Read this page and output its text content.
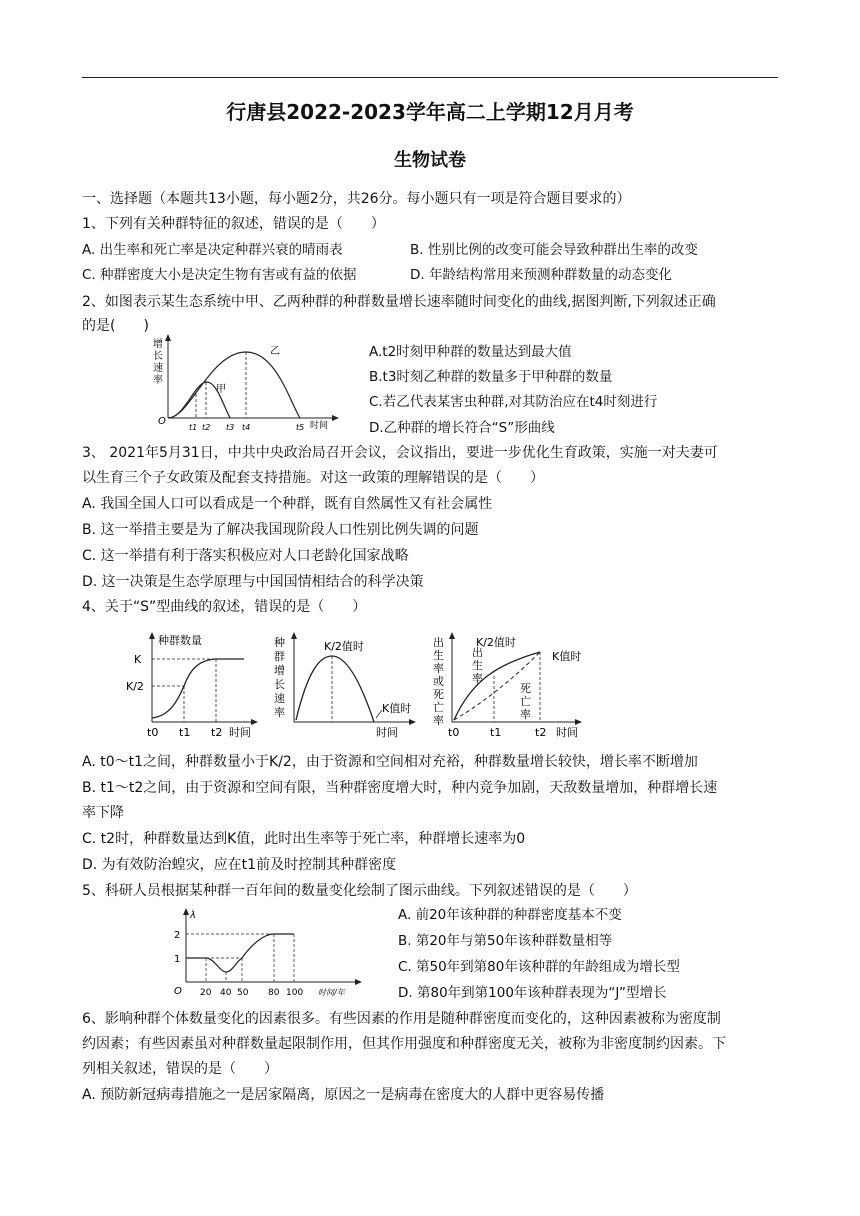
行唐县2022-2023学年高二上学期12月月考
生物试卷
一、选择题（本题共13小题，每小题2分，共26分。每小题只有一项是符合题目要求的）
1、下列有关种群特征的叙述，错误的是（　　）
A. 出生率和死亡率是决定种群兴衰的晴雨表	B. 性别比例的改变可能会导致种群出生率的改变
C. 种群密度大小是决定生物有害或有益的依据	D. 年龄结构常用来预测种群数量的动态变化
2、如图表示某生态系统中甲、乙两种群的种群数量增长速率随时间变化的曲线,据图判断,下列叙述正确
的是(　　)
增
长
速
率
O
甲
乙
t1 t2 t3 t4	t5 时间
A.t2时刻甲种群的数量达到最大值
B.t3时刻乙种群的数量多于甲种群的数量
C.若乙代表某害虫种群,对其防治应在t4时刻进行
D.乙种群的增长符合“S”形曲线
3、 2021年5月31日，中共中央政治局召开会议，会议指出，要进一步优化生育政策，实施一对夫妻可
以生育三个子女政策及配套支持措施。对这一政策的理解错误的是（　　）
A. 我国全国人口可以看成是一个种群，既有自然属性又有社会属性
B. 这一举措主要是为了解决我国现阶段人口性别比例失调的问题
C. 这一举措有利于落实积极应对人口老龄化国家战略
D. 这一决策是生态学原理与中国国情相结合的科学决策
4、关于“S”型曲线的叙述，错误的是（　　）
种群数量
K
K/2
t0 t1 t2 时间
种
群
增
长
速
率
K/2值时
K值时
时间
出
生
率
或
死
亡
率
K/2值时
K值时
出
生
率
死
亡
率
t0	t1	t2 时间
A. t0～t1之间，种群数量小于K/2，由于资源和空间相对充裕，种群数量增长较快，增长率不断增加
B. t1～t2之间，由于资源和空间有限，当种群密度增大时，种内竞争加剧，天敌数量增加，种群增长速
率下降
C. t2时，种群数量达到K值，此时出生率等于死亡率，种群增长速率为0
D. 为有效防治蝗灾，应在t1前及时控制其种群密度
5、科研人员根据某种群一百年间的数量变化绘制了图示曲线。下列叙述错误的是（　　）
λ
2
1
O 20 40 50 80 100 时间/年
A. 前20年该种群的种群密度基本不变
B. 第20年与第50年该种群数量相等
C. 第50年到第80年该种群的年龄组成为增长型
D. 第80年到第100年该种群表现为“J”型增长
6、影响种群个体数量变化的因素很多。有些因素的作用是随种群密度而变化的，这种因素被称为密度制
约因素；有些因素虽对种群数量起限制作用，但其作用强度和种群密度无关，被称为非密度制约因素。下
列相关叙述，错误的是（　　）
A. 预防新冠病毒措施之一是居家隔离，原因之一是病毒在密度大的人群中更容易传播
